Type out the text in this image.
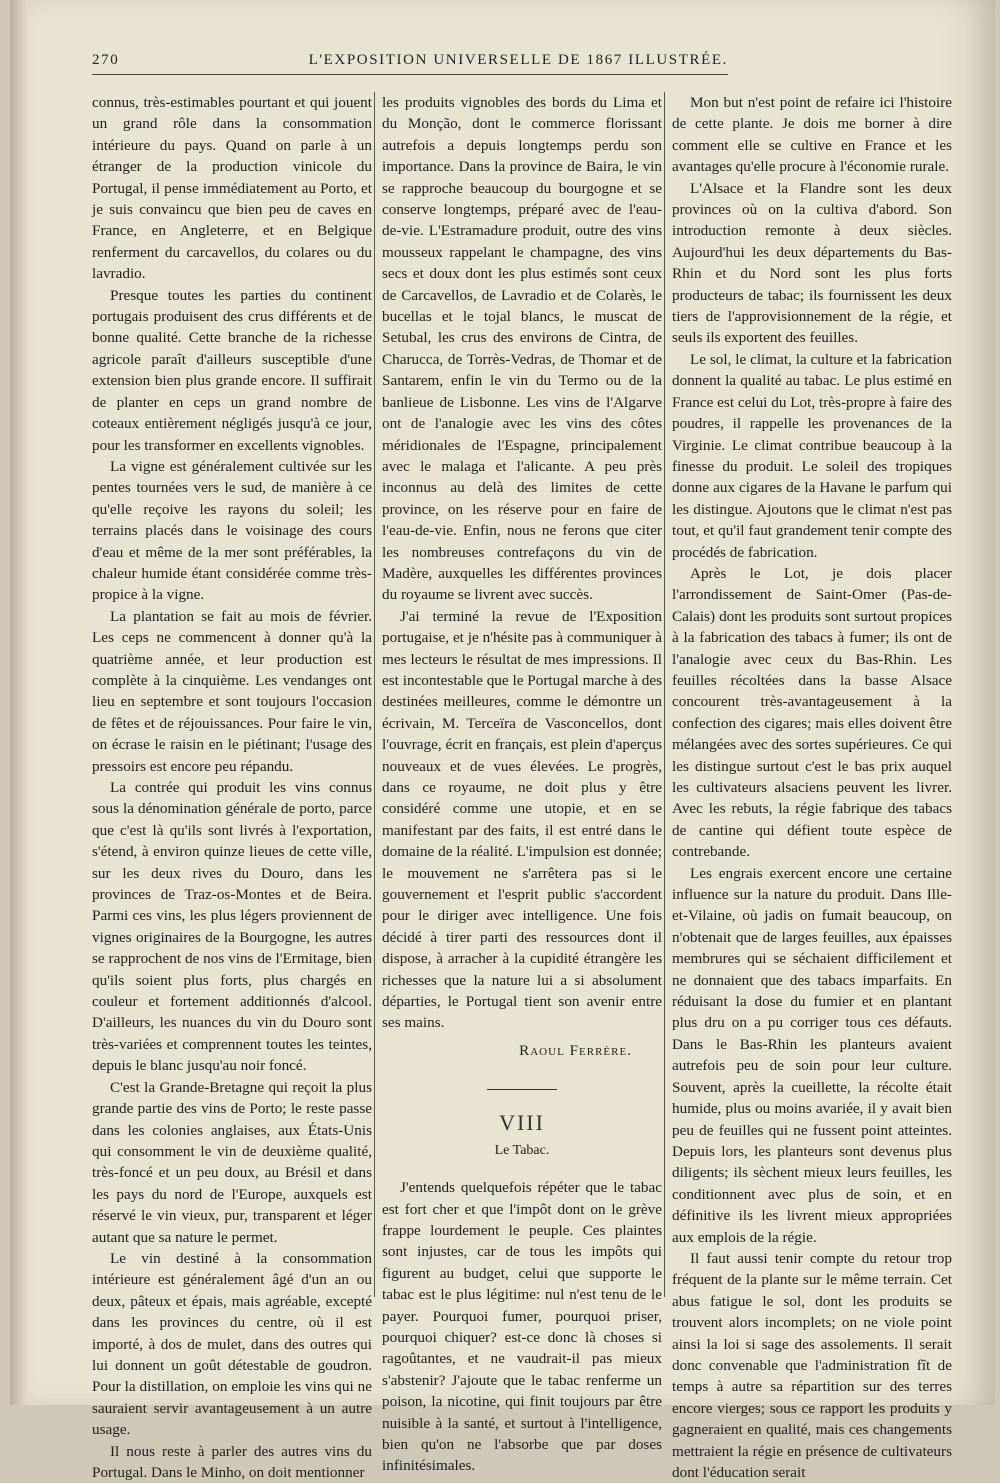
270	L'EXPOSITION UNIVERSELLE DE 1867 ILLUSTRÉE.

connus, très-estimables pourtant et qui jouent un grand rôle dans la consommation intérieure du pays. Quand on parle à un étranger de la production vinicole du Portugal, il pense immédiatement au Porto, et je suis convaincu que bien peu de caves en France, en Angleterre, et en Belgique renferment du carcavellos, du colares ou du lavradio.

Presque toutes les parties du continent portugais produisent des crus différents et de bonne qualité. Cette branche de la richesse agricole paraît d'ailleurs susceptible d'une extension bien plus grande encore. Il suffirait de planter en ceps un grand nombre de coteaux entièrement négligés jusqu'à ce jour, pour les transformer en excellents vignobles.

La vigne est généralement cultivée sur les pentes tournées vers le sud, de manière à ce qu'elle reçoive les rayons du soleil; les terrains placés dans le voisinage des cours d'eau et même de la mer sont préférables, la chaleur humide étant considérée comme très-propice à la vigne.

La plantation se fait au mois de février. Les ceps ne commencent à donner qu'à la quatrième année, et leur production est complète à la cinquième. Les vendanges ont lieu en septembre et sont toujours l'occasion de fêtes et de réjouissances. Pour faire le vin, on écrase le raisin en le piétinant; l'usage des pressoirs est encore peu répandu.

La contrée qui produit les vins connus sous la dénomination générale de porto, parce que c'est là qu'ils sont livrés à l'exportation, s'étend, à environ quinze lieues de cette ville, sur les deux rives du Douro, dans les provinces de Traz-os-Montes et de Beira. Parmi ces vins, les plus légers proviennent de vignes originaires de la Bourgogne, les autres se rapprochent de nos vins de l'Ermitage, bien qu'ils soient plus forts, plus chargés en couleur et fortement additionnés d'alcool. D'ailleurs, les nuances du vin du Douro sont très-variées et comprennent toutes les teintes, depuis le blanc jusqu'au noir foncé.

C'est la Grande-Bretagne qui reçoit la plus grande partie des vins de Porto; le reste passe dans les colonies anglaises, aux États-Unis qui consomment le vin de deuxième qualité, très-foncé et un peu doux, au Brésil et dans les pays du nord de l'Europe, auxquels est réservé le vin vieux, pur, transparent et léger autant que sa nature le permet.

Le vin destiné à la consommation intérieure est généralement âgé d'un an ou deux, pâteux et épais, mais agréable, excepté dans les provinces du centre, où il est importé, à dos de mulet, dans des outres qui lui donnent un goût détestable de goudron. Pour la distillation, on emploie les vins qui ne sauraient servir avantageusement à un autre usage.

Il nous reste à parler des autres vins du Portugal. Dans le Minho, on doit mentionner

les produits vignobles des bords du Lima et du Monção, dont le commerce florissant autrefois a depuis longtemps perdu son importance. Dans la province de Baira, le vin se rapproche beaucoup du bourgogne et se conserve longtemps, préparé avec de l'eau-de-vie. L'Estramadure produit, outre des vins mousseux rappelant le champagne, des vins secs et doux dont les plus estimés sont ceux de Carcavellos, de Lavradio et de Colarès, le bucellas et le tojal blancs, le muscat de Setubal, les crus des environs de Cintra, de Charucca, de Torrès-Vedras, de Thomar et de Santarem, enfin le vin du Termo ou de la banlieue de Lisbonne. Les vins de l'Algarve ont de l'analogie avec les vins des côtes méridionales de l'Espagne, principalement avec le malaga et l'alicante. A peu près inconnus au delà des limites de cette province, on les réserve pour en faire de l'eau-de-vie. Enfin, nous ne ferons que citer les nombreuses contrefaçons du vin de Madère, auxquelles les différentes provinces du royaume se livrent avec succès.

J'ai terminé la revue de l'Exposition portugaise, et je n'hésite pas à communiquer à mes lecteurs le résultat de mes impressions. Il est incontestable que le Portugal marche à des destinées meilleures, comme le démontre un écrivain, M. Terceïra de Vasconcellos, dont l'ouvrage, écrit en français, est plein d'aperçus nouveaux et de vues élevées. Le progrès, dans ce royaume, ne doit plus y être considéré comme une utopie, et en se manifestant par des faits, il est entré dans le domaine de la réalité. L'impulsion est donnée; le mouvement ne s'arrêtera pas si le gouvernement et l'esprit public s'accordent pour le diriger avec intelligence. Une fois décidé à tirer parti des ressources dont il dispose, à arracher à la cupidité étrangère les richesses que la nature lui a si absolument départies, le Portugal tient son avenir entre ses mains.

Raoul Ferrère.

VIII

Le Tabac.

J'entends quelquefois répéter que le tabac est fort cher et que l'impôt dont on le grève frappe lourdement le peuple. Ces plaintes sont injustes, car de tous les impôts qui figurent au budget, celui que supporte le tabac est le plus légitime: nul n'est tenu de le payer. Pourquoi fumer, pourquoi priser, pourquoi chiquer? est-ce donc là choses si ragoûtantes, et ne vaudrait-il pas mieux s'abstenir? J'ajoute que le tabac renferme un poison, la nicotine, qui finit toujours par être nuisible à la santé, et surtout à l'intelligence, bien qu'on ne l'absorbe que par doses infinitésimales.

Mon but n'est point de refaire ici l'histoire de cette plante. Je dois me borner à dire comment elle se cultive en France et les avantages qu'elle procure à l'économie rurale.

L'Alsace et la Flandre sont les deux provinces où on la cultiva d'abord. Son introduction remonte à deux siècles. Aujourd'hui les deux départements du Bas-Rhin et du Nord sont les plus forts producteurs de tabac; ils fournissent les deux tiers de l'approvisionnement de la régie, et seuls ils exportent des feuilles.

Le sol, le climat, la culture et la fabrication donnent la qualité au tabac. Le plus estimé en France est celui du Lot, très-propre à faire des poudres, il rappelle les provenances de la Virginie. Le climat contribue beaucoup à la finesse du produit. Le soleil des tropiques donne aux cigares de la Havane le parfum qui les distingue. Ajoutons que le climat n'est pas tout, et qu'il faut grandement tenir compte des procédés de fabrication.

Après le Lot, je dois placer l'arrondissement de Saint-Omer (Pas-de-Calais) dont les produits sont surtout propices à la fabrication des tabacs à fumer; ils ont de l'analogie avec ceux du Bas-Rhin. Les feuilles récoltées dans la basse Alsace concourent très-avantageusement à la confection des cigares; mais elles doivent être mélangées avec des sortes supérieures. Ce qui les distingue surtout c'est le bas prix auquel les cultivateurs alsaciens peuvent les livrer. Avec les rebuts, la régie fabrique des tabacs de cantine qui défient toute espèce de contrebande.

Les engrais exercent encore une certaine influence sur la nature du produit. Dans Ille-et-Vilaine, où jadis on fumait beaucoup, on n'obtenait que de larges feuilles, aux épaisses membrures qui se séchaient difficilement et ne donnaient que des tabacs imparfaits. En réduisant la dose du fumier et en plantant plus dru on a pu corriger tous ces défauts. Dans le Bas-Rhin les planteurs avaient autrefois peu de soin pour leur culture. Souvent, après la cueillette, la récolte était humide, plus ou moins avariée, il y avait bien peu de feuilles qui ne fussent point atteintes. Depuis lors, les planteurs sont devenus plus diligents; ils sèchent mieux leurs feuilles, les conditionnent avec plus de soin, et en définitive ils les livrent mieux appropriées aux emplois de la régie.

Il faut aussi tenir compte du retour trop fréquent de la plante sur le même terrain. Cet abus fatigue le sol, dont les produits se trouvent alors incomplets; on ne viole point ainsi la loi si sage des assolements. Il serait donc convenable que l'administration fît de temps à autre sa répartition sur des terres encore vierges; sous ce rapport les produits y gagneraient en qualité, mais ces changements mettraient la régie en présence de cultivateurs dont l'éducation serait
